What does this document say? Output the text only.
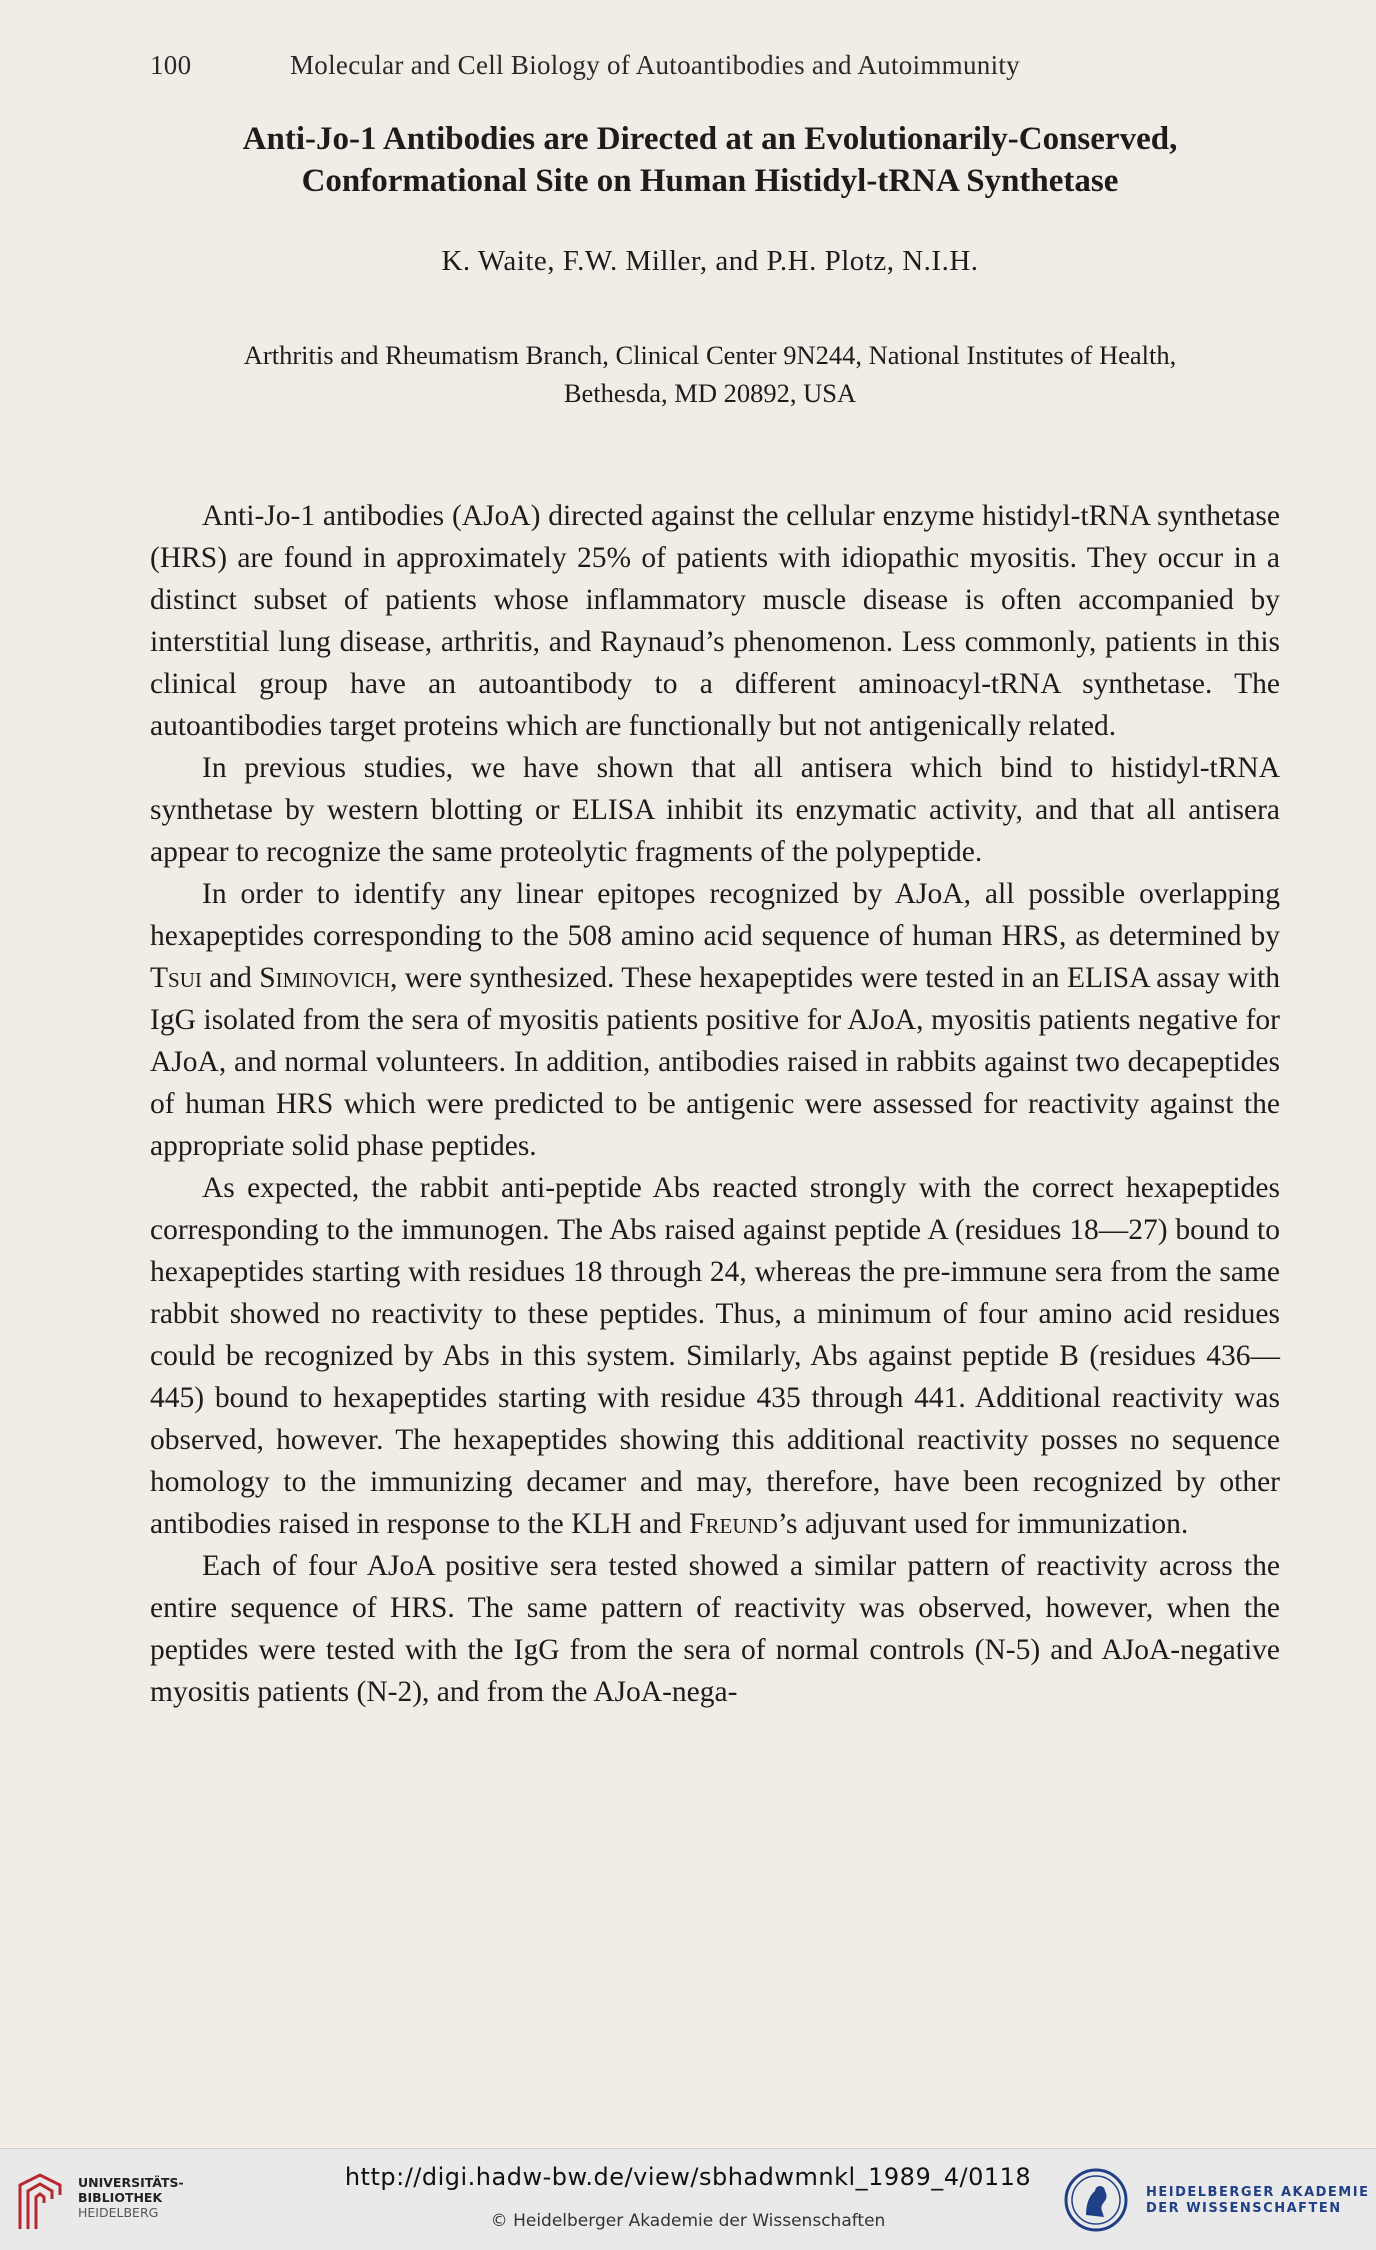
100	Molecular and Cell Biology of Autoantibodies and Autoimmunity
Anti-Jo-1 Antibodies are Directed at an Evolutionarily-Conserved,
Conformational Site on Human Histidyl-tRNA Synthetase
K. Waite, F.W. Miller, and P.H. Plotz, N.I.H.
Arthritis and Rheumatism Branch, Clinical Center 9N244, National Institutes of Health,
Bethesda, MD 20892, USA

Anti-Jo-1 antibodies (AJoA) directed against the cellular enzyme histidyl-tRNA synthetase (HRS) are found in approximately 25% of patients with idiopathic myositis. They occur in a distinct subset of patients whose inflammatory muscle disease is often accompanied by interstitial lung disease, arthritis, and Raynaud’s phenomenon. Less commonly, patients in this clinical group have an autoantibody to a different aminoacyl-tRNA synthetase. The autoantibodies target proteins which are functionally but not antigenically related.

In previous studies, we have shown that all antisera which bind to histidyl-tRNA synthetase by western blotting or ELISA inhibit its enzymatic activity, and that all antisera appear to recognize the same proteolytic fragments of the polypeptide.

In order to identify any linear epitopes recognized by AJoA, all possible overlapping hexapeptides corresponding to the 508 amino acid sequence of human HRS, as determined by Tsui and Siminovich, were synthesized. These hexapeptides were tested in an ELISA assay with IgG isolated from the sera of myositis patients positive for AJoA, myositis patients negative for AJoA, and normal volunteers. In addition, antibodies raised in rabbits against two decapeptides of human HRS which were predicted to be antigenic were assessed for reactivity against the appropriate solid phase peptides.

As expected, the rabbit anti-peptide Abs reacted strongly with the correct hexapeptides corresponding to the immunogen. The Abs raised against peptide A (residues 18—27) bound to hexapeptides starting with residues 18 through 24, whereas the pre-immune sera from the same rabbit showed no reactivity to these peptides. Thus, a minimum of four amino acid residues could be recognized by Abs in this system. Similarly, Abs against peptide B (residues 436—445) bound to hexapeptides starting with residue 435 through 441. Additional reactivity was observed, however. The hexapeptides showing this additional reactivity posses no sequence homology to the immunizing decamer and may, therefore, have been recognized by other antibodies raised in response to the KLH and Freund’s adjuvant used for immunization.

Each of four AJoA positive sera tested showed a similar pattern of reactivity across the entire sequence of HRS. The same pattern of reactivity was observed, however, when the peptides were tested with the IgG from the sera of normal controls (N-5) and AJoA-negative myositis patients (N-2), and from the AJoA-nega-

UNIVERSITÄTS-
BIBLIOTHEK
HEIDELBERG
http://digi.hadw-bw.de/view/sbhadwmnkl_1989_4/0118
© Heidelberger Akademie der Wissenschaften
HEIDELBERGER AKADEMIE
DER WISSENSCHAFTEN
